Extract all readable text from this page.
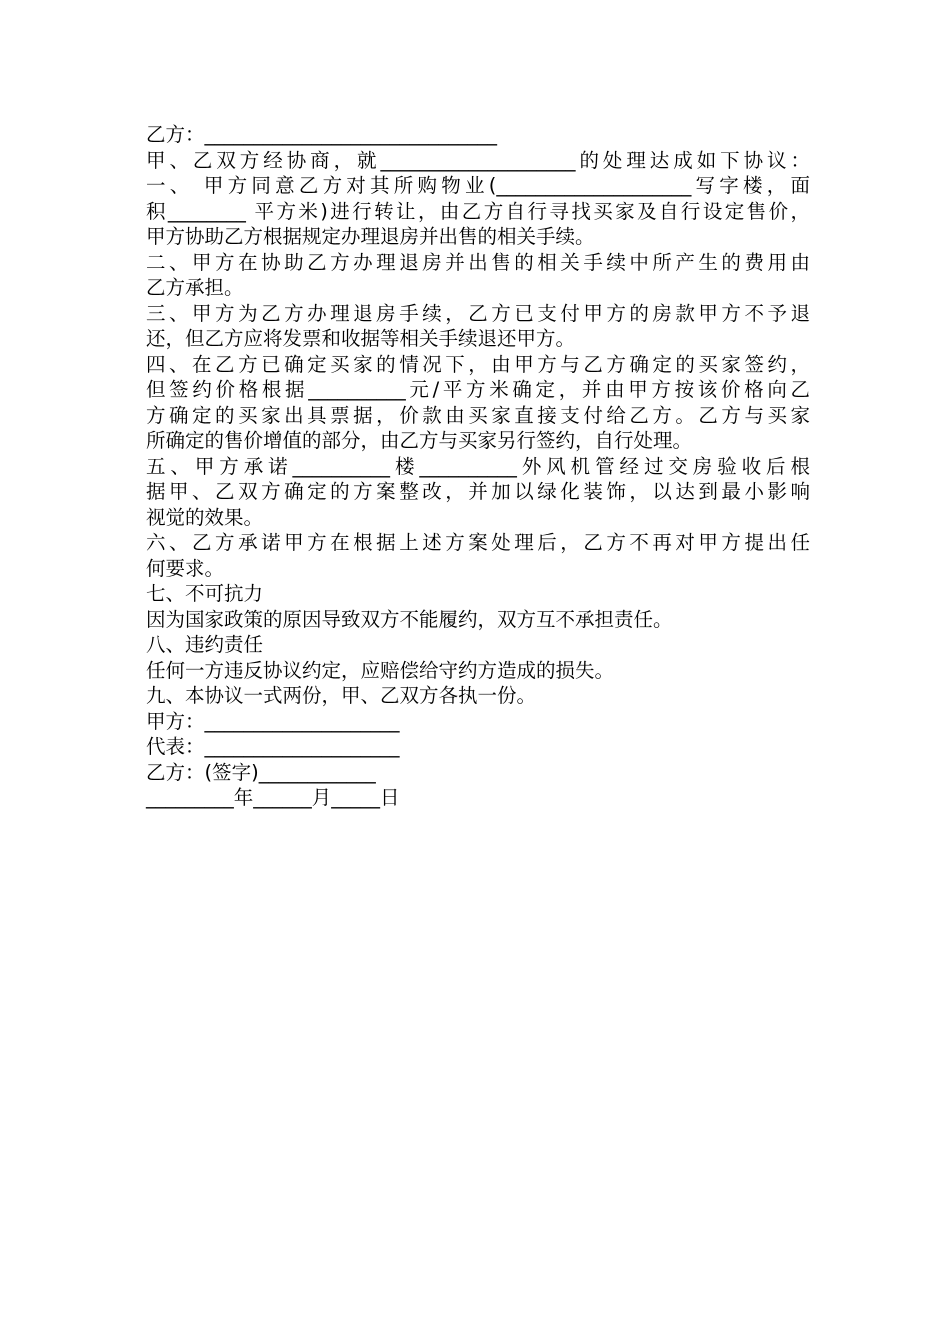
乙方：______________________________
甲、乙双方经协商，就____________________的处理达成如下协议：
一、 甲方同意乙方对其所购物业(____________________写字楼，面
积________ 平方米)进行转让，由乙方自行寻找买家及自行设定售价，
甲方协助乙方根据规定办理退房并出售的相关手续。
二、甲方在协助乙方办理退房并出售的相关手续中所产生的费用由
乙方承担。
三、甲方为乙方办理退房手续，乙方已支付甲方的房款甲方不予退
还，但乙方应将发票和收据等相关手续退还甲方。
四、在乙方已确定买家的情况下，由甲方与乙方确定的买家签约，
但签约价格根据__________元/平方米确定，并由甲方按该价格向乙
方确定的买家出具票据，价款由买家直接支付给乙方。乙方与买家
所确定的售价增值的部分，由乙方与买家另行签约，自行处理。
五、甲方承诺__________楼__________外风机管经过交房验收后根
据甲、乙双方确定的方案整改，并加以绿化装饰，以达到最小影响
视觉的效果。
六、乙方承诺甲方在根据上述方案处理后，乙方不再对甲方提出任
何要求。
七、不可抗力
因为国家政策的原因导致双方不能履约，双方互不承担责任。
八、违约责任
任何一方违反协议约定，应赔偿给守约方造成的损失。
九、本协议一式两份，甲、乙双方各执一份。
甲方：____________________
代表：____________________
乙方：(签字)____________
_________年______月_____日
